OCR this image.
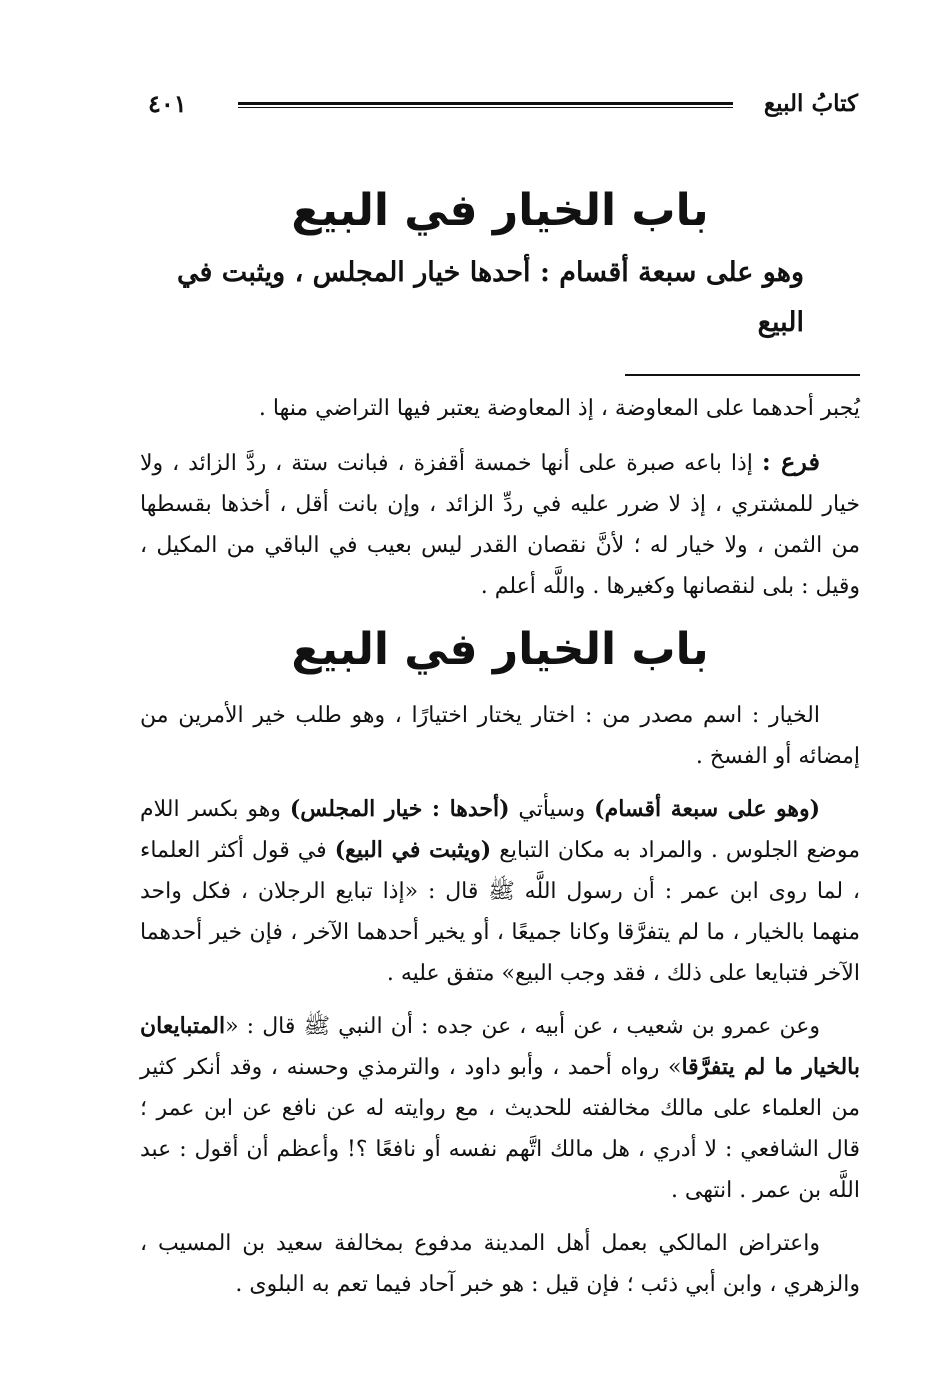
كتابُ البيع
٤٠١
باب الخيار في البيع
وهو على سبعة أقسام : أحدها خيار المجلس ، ويثبت في البيع

يُجبر أحدهما على المعاوضة ، إذ المعاوضة يعتبر فيها التراضي منها .

فرع : إذا باعه صبرة على أنها خمسة أقفزة ، فبانت ستة ، ردَّ الزائد ، ولا خيار للمشتري ، إذ لا ضرر عليه في ردِّ الزائد ، وإن بانت أقل ، أخذها بقسطها من الثمن ، ولا خيار له ؛ لأنَّ نقصان القدر ليس بعيب في الباقي من المكيل ، وقيل : بلى لنقصانها وكغيرها . واللَّه أعلم .

باب الخيار في البيع

الخيار : اسم مصدر من : اختار يختار اختيارًا ، وهو طلب خير الأمرين من إمضائه أو الفسخ .

(وهو على سبعة أقسام) وسيأتي (أحدها : خيار المجلس) وهو بكسر اللام موضع الجلوس . والمراد به مكان التبايع (ويثبت في البيع) في قول أكثر العلماء ، لما روى ابن عمر : أن رسول اللَّه ﷺ قال : «إذا تبايع الرجلان ، فكل واحد منهما بالخيار ، ما لم يتفرَّقا وكانا جميعًا ، أو يخير أحدهما الآخر ، فإن خير أحدهما الآخر فتبايعا على ذلك ، فقد وجب البيع» متفق عليه .

وعن عمرو بن شعيب ، عن أبيه ، عن جده : أن النبي ﷺ قال : «المتبايعان بالخيار ما لم يتفرَّقا» رواه أحمد ، وأبو داود ، والترمذي وحسنه ، وقد أنكر كثير من العلماء على مالك مخالفته للحديث ، مع روايته له عن نافع عن ابن عمر ؛ قال الشافعي : لا أدري ، هل مالك اتَّهم نفسه أو نافعًا ؟! وأعظم أن أقول : عبد اللَّه بن عمر . انتهى .

واعتراض المالكي بعمل أهل المدينة مدفوع بمخالفة سعيد بن المسيب ، والزهري ، وابن أبي ذئب ؛ فإن قيل : هو خبر آحاد فيما تعم به البلوى .
